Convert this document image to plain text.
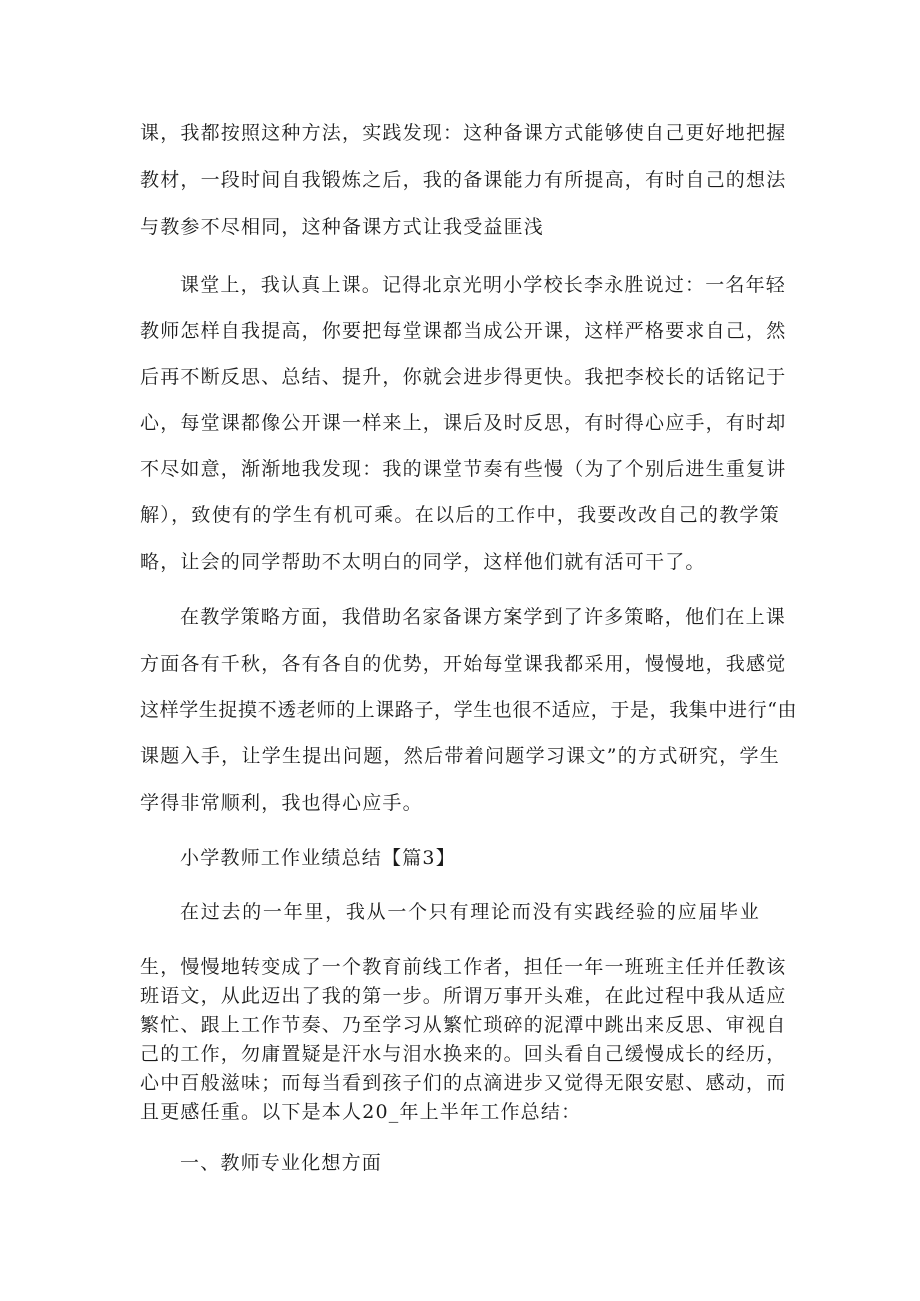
课，我都按照这种方法，实践发现：这种备课方式能够使自己更好地把握
教材，一段时间自我锻炼之后，我的备课能力有所提高，有时自己的想法
与教参不尽相同，这种备课方式让我受益匪浅
课堂上，我认真上课。记得北京光明小学校长李永胜说过：一名年轻
教师怎样自我提高，你要把每堂课都当成公开课，这样严格要求自己，然
后再不断反思、总结、提升，你就会进步得更快。我把李校长的话铭记于
心，每堂课都像公开课一样来上，课后及时反思，有时得心应手，有时却
不尽如意，渐渐地我发现：我的课堂节奏有些慢（为了个别后进生重复讲
解），致使有的学生有机可乘。在以后的工作中，我要改改自己的教学策
略，让会的同学帮助不太明白的同学，这样他们就有活可干了。
在教学策略方面，我借助名家备课方案学到了许多策略，他们在上课
方面各有千秋，各有各自的优势，开始每堂课我都采用，慢慢地，我感觉
这样学生捉摸不透老师的上课路子，学生也很不适应，于是，我集中进行“由
课题入手，让学生提出问题，然后带着问题学习课文”的方式研究，学生
学得非常顺利，我也得心应手。
小学教师工作业绩总结【篇3】
在过去的一年里，我从一个只有理论而没有实践经验的应届毕业
生，慢慢地转变成了一个教育前线工作者，担任一年一班班主任并任教该
班语文，从此迈出了我的第一步。所谓万事开头难，在此过程中我从适应
繁忙、跟上工作节奏、乃至学习从繁忙琐碎的泥潭中跳出来反思、审视自
己的工作，勿庸置疑是汗水与泪水换来的。回头看自己缓慢成长的经历，
心中百般滋味；而每当看到孩子们的点滴进步又觉得无限安慰、感动，而
且更感任重。以下是本人20_年上半年工作总结：
一、教师专业化想方面
